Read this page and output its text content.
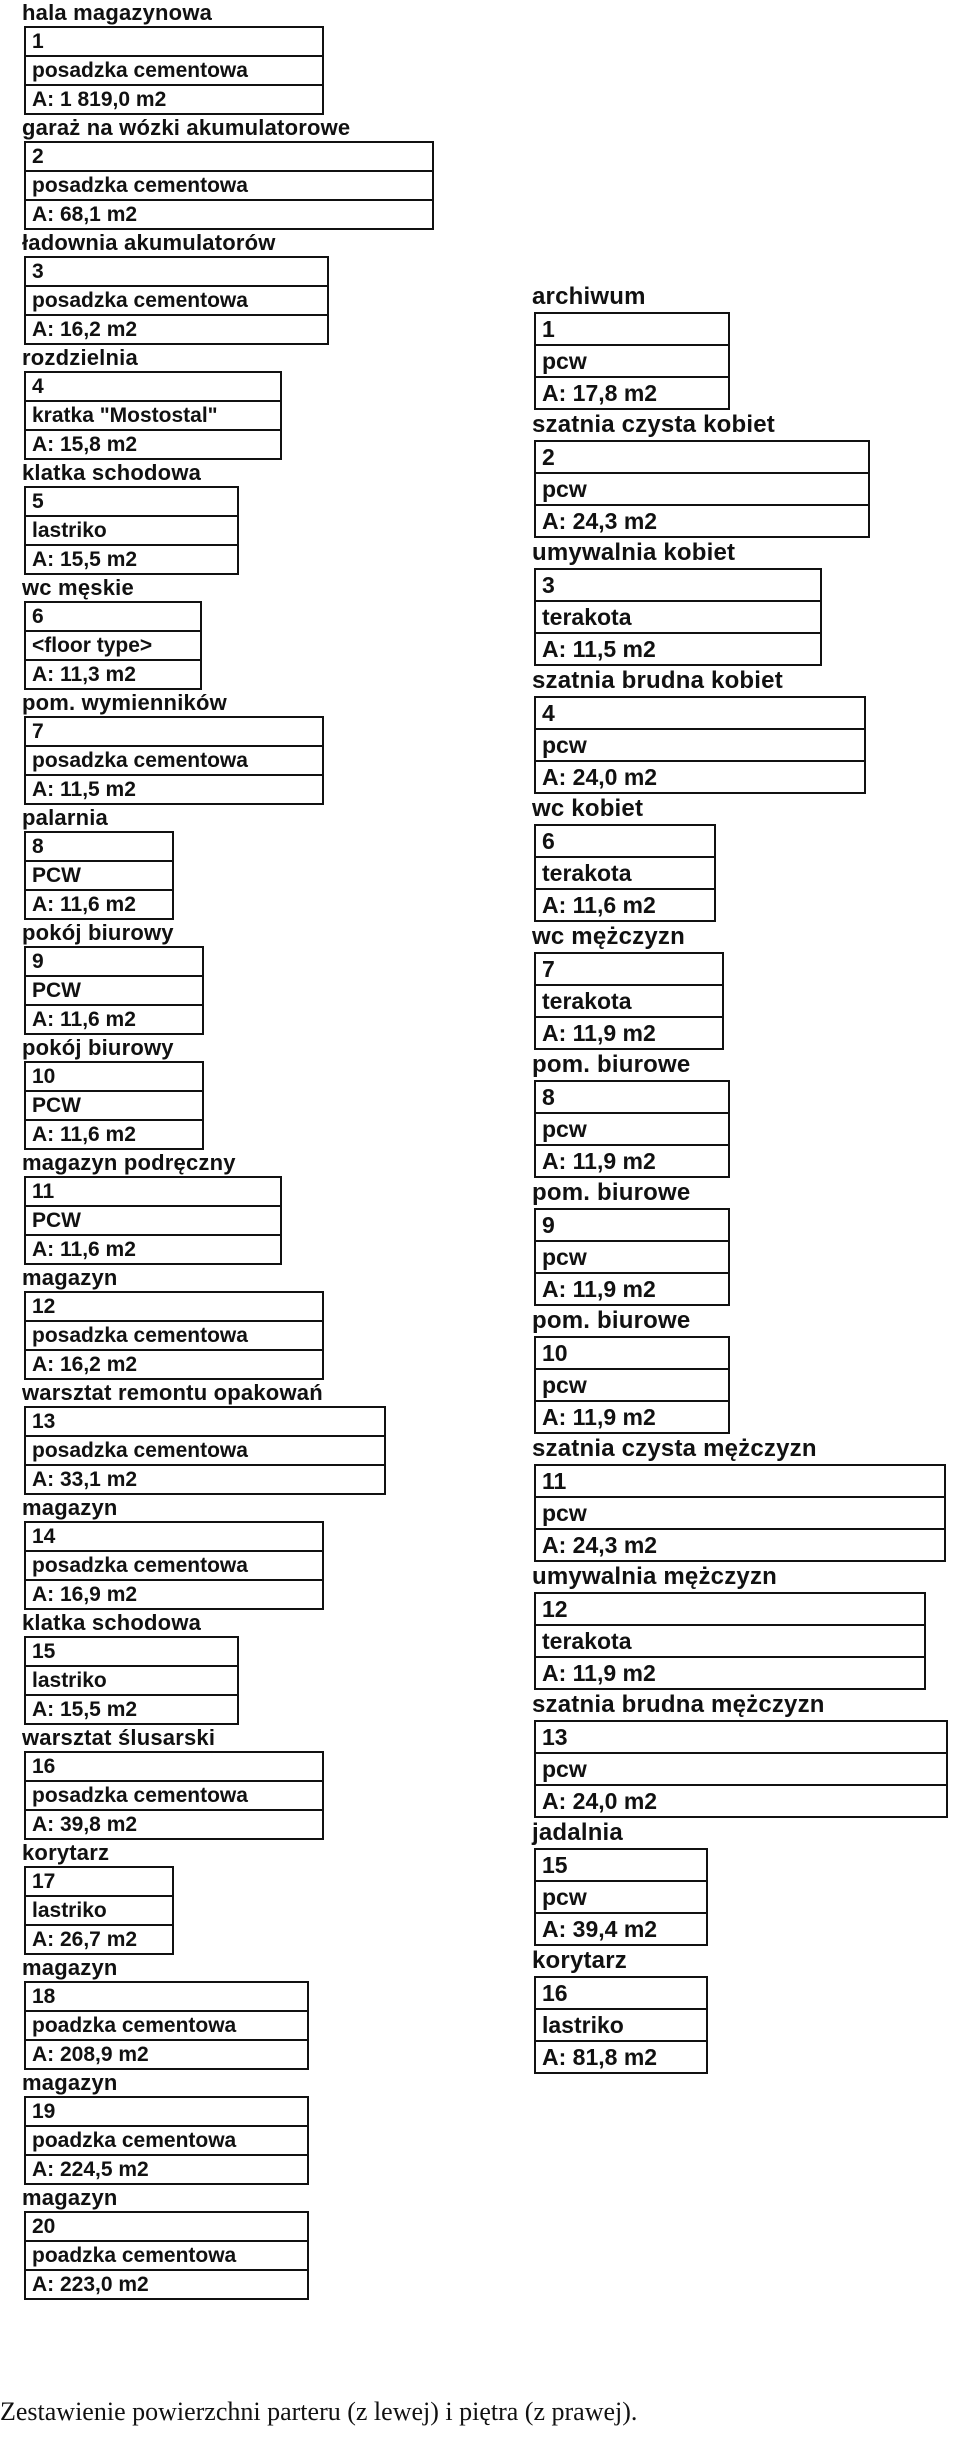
hala magazynowa
1
posadzka cementowa
A: 1 819,0 m2
garaż na wózki akumulatorowe
2
posadzka cementowa
A: 68,1 m2
ładownia akumulatorów
3
posadzka cementowa
A: 16,2 m2
rozdzielnia
4
kratka "Mostostal"
A: 15,8 m2
klatka schodowa
5
lastriko
A: 15,5 m2
wc męskie
6
<floor type>
A: 11,3 m2
pom. wymienników
7
posadzka cementowa
A: 11,5 m2
palarnia
8
PCW
A: 11,6 m2
pokój biurowy
9
PCW
A: 11,6 m2
pokój biurowy
10
PCW
A: 11,6 m2
magazyn podręczny
11
PCW
A: 11,6 m2
magazyn
12
posadzka cementowa
A: 16,2 m2
warsztat remontu opakowań
13
posadzka cementowa
A: 33,1 m2
magazyn
14
posadzka cementowa
A: 16,9 m2
klatka schodowa
15
lastriko
A: 15,5 m2
warsztat ślusarski
16
posadzka cementowa
A: 39,8 m2
korytarz
17
lastriko
A: 26,7 m2
magazyn
18
poadzka cementowa
A: 208,9 m2
magazyn
19
poadzka cementowa
A: 224,5 m2
magazyn
20
poadzka cementowa
A: 223,0 m2
archiwum
1
pcw
A: 17,8 m2
szatnia czysta kobiet
2
pcw
A: 24,3 m2
umywalnia kobiet
3
terakota
A: 11,5 m2
szatnia brudna kobiet
4
pcw
A: 24,0 m2
wc kobiet
6
terakota
A: 11,6 m2
wc mężczyzn
7
terakota
A: 11,9 m2
pom. biurowe
8
pcw
A: 11,9 m2
pom. biurowe
9
pcw
A: 11,9 m2
pom. biurowe
10
pcw
A: 11,9 m2
szatnia czysta mężczyzn
11
pcw
A: 24,3 m2
umywalnia mężczyzn
12
terakota
A: 11,9 m2
szatnia brudna mężczyzn
13
pcw
A: 24,0 m2
jadalnia
15
pcw
A: 39,4 m2
korytarz
16
lastriko
A: 81,8 m2
Zestawienie powierzchni parteru (z lewej) i piętra (z prawej).
